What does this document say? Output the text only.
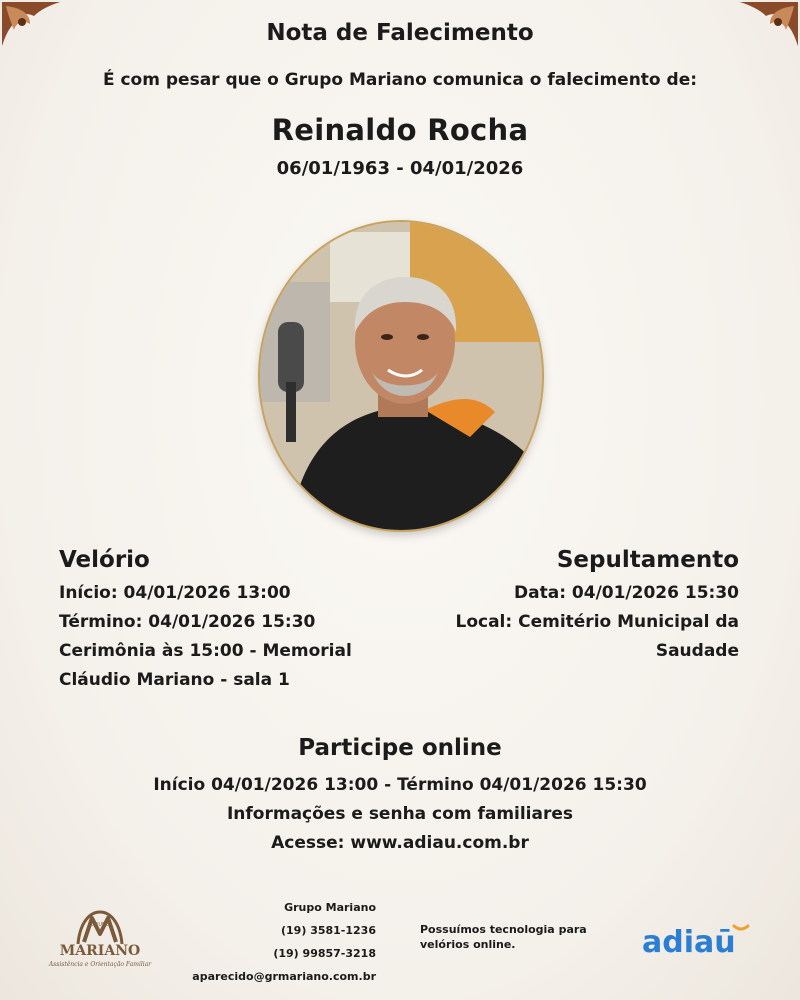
Nota de Falecimento
É com pesar que o Grupo Mariano comunica o falecimento de:
Reinaldo Rocha
06/01/1963 - 04/01/2026
Velório

Início: 04/01/2026 13:00

Término: 04/01/2026 15:30

Cerimônia às 15:00 - Memorial

Cláudio Mariano - sala 1

Sepultamento

Data: 04/01/2026 15:30

Local: Cemitério Municipal da

Saudade

Participe online
Início 04/01/2026 13:00 - Término 04/01/2026 15:30
Informações e senha com familiares
Acesse: www.adiau.com.br
GRUPO
MARIANO
Assistência e Orientação Familiar
Grupo Mariano
(19) 3581-1236
(19) 99857-3218
aparecido@grmariano.com.br
Possuímos tecnologia para velórios online.	adiaū
